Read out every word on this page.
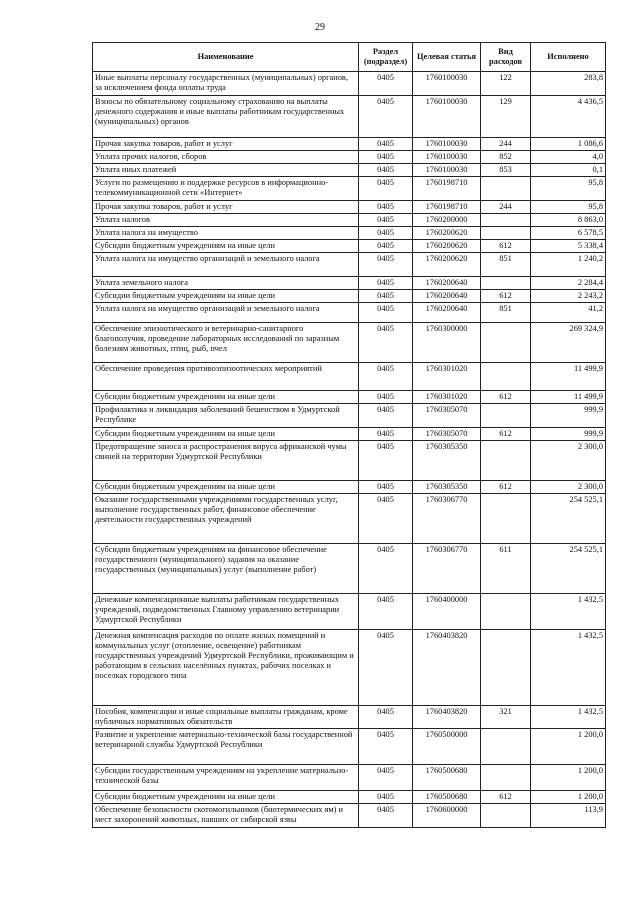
29
Наименование	Раздел (подраздел)	Целевая статья	Вид расходов	Исполнено
Иные выплаты персоналу государственных (муниципальных) органов, за исключением фонда оплаты труда	0405	1760100030	122	283,8
Взносы по обязательному социальному страхованию на выплаты денежного содержания и иные выплаты работникам государственных (муниципальных) органов	0405	1760100030	129	4 436,5
Прочая закупка товаров, работ и услуг	0405	1760100030	244	1 086,6
Уплата прочих налогов, сборов	0405	1760100030	852	4,0
Уплата иных платежей	0405	1760100030	853	0,1
Услуги по размещению и поддержке ресурсов в информационно-телекоммуникационной сети «Интернет»	0405	1760198710		95,8
Прочая закупка товаров, работ и услуг	0405	1760198710	244	95,8
Уплата налогов	0405	1760200000		8 863,0
Уплата налога на имущество	0405	1760200620		6 578,5
Субсидии бюджетным учреждениям на иные цели	0405	1760200620	612	5 338,4
Уплата налога на имущество организаций и земельного налога	0405	1760200620	851	1 240,2
Уплата земельного налога	0405	1760200640		2 284,4
Субсидии бюджетным учреждениям на иные цели	0405	1760200640	612	2 243,2
Уплата налога на имущество организаций и земельного налога	0405	1760200640	851	41,2
Обеспечение эпизоотического и ветеринарно-санитарного благополучия, проведение лабораторных исследований по заразным болезням животных, птиц, рыб, пчел	0405	1760300000		269 324,9
Обеспечение проведения противоэпизоотических мероприятий	0405	1760301020		11 499,9
Субсидии бюджетным учреждениям на иные цели	0405	1760301020	612	11 499,9
Профилактика и ликвидация заболеваний бешенством в Удмуртской Республике	0405	1760305070		999,9
Субсидии бюджетным учреждениям на иные цели	0405	1760305070	612	999,9
Предотвращение заноса и распространения вируса африканской чумы свиней на территории Удмуртской Республики	0405	1760305350		2 300,0
Субсидии бюджетным учреждениям на иные цели	0405	1760305350	612	2 300,0
Оказание государственными учреждениями государственных услуг, выполнение государственных работ, финансовое обеспечение деятельности государственных учреждений	0405	1760306770		254 525,1
Субсидии бюджетным учреждениям на финансовое обеспечение государственного (муниципального) задания на оказание государственных (муниципальных) услуг (выполнение работ)	0405	1760306770	611	254 525,1
Денежные компенсационные выплаты работникам государственных учреждений, подведомственных Главному управлению ветеринарии Удмуртской Республики	0405	1760400000		1 432,5
Денежная компенсация расходов по оплате жилых помещений и коммунальных услуг (отопление, освещение) работникам государственных учреждений Удмуртской Республики, проживающим и работающим в сельских населённых пунктах, рабочих поселках и поселках городского типа	0405	1760403820		1 432,5
Пособия, компенсации и иные социальные выплаты гражданам, кроме публичных нормативных обязательств	0405	1760403820	321	1 432,5
Развитие и укрепление материально-технической базы государственной ветеринарной службы Удмуртской Республики	0405	1760500000		1 200,0
Субсидии государственным учреждениям на укрепление материально-технической базы	0405	1760500680		1 200,0
Субсидии бюджетным учреждениям на иные цели	0405	1760500680	612	1 200,0
Обеспечение безопасности скотомогильников (биотермических ям) и мест захоронений животных, павших от сибирской язвы	0405	1760600000		113,9
